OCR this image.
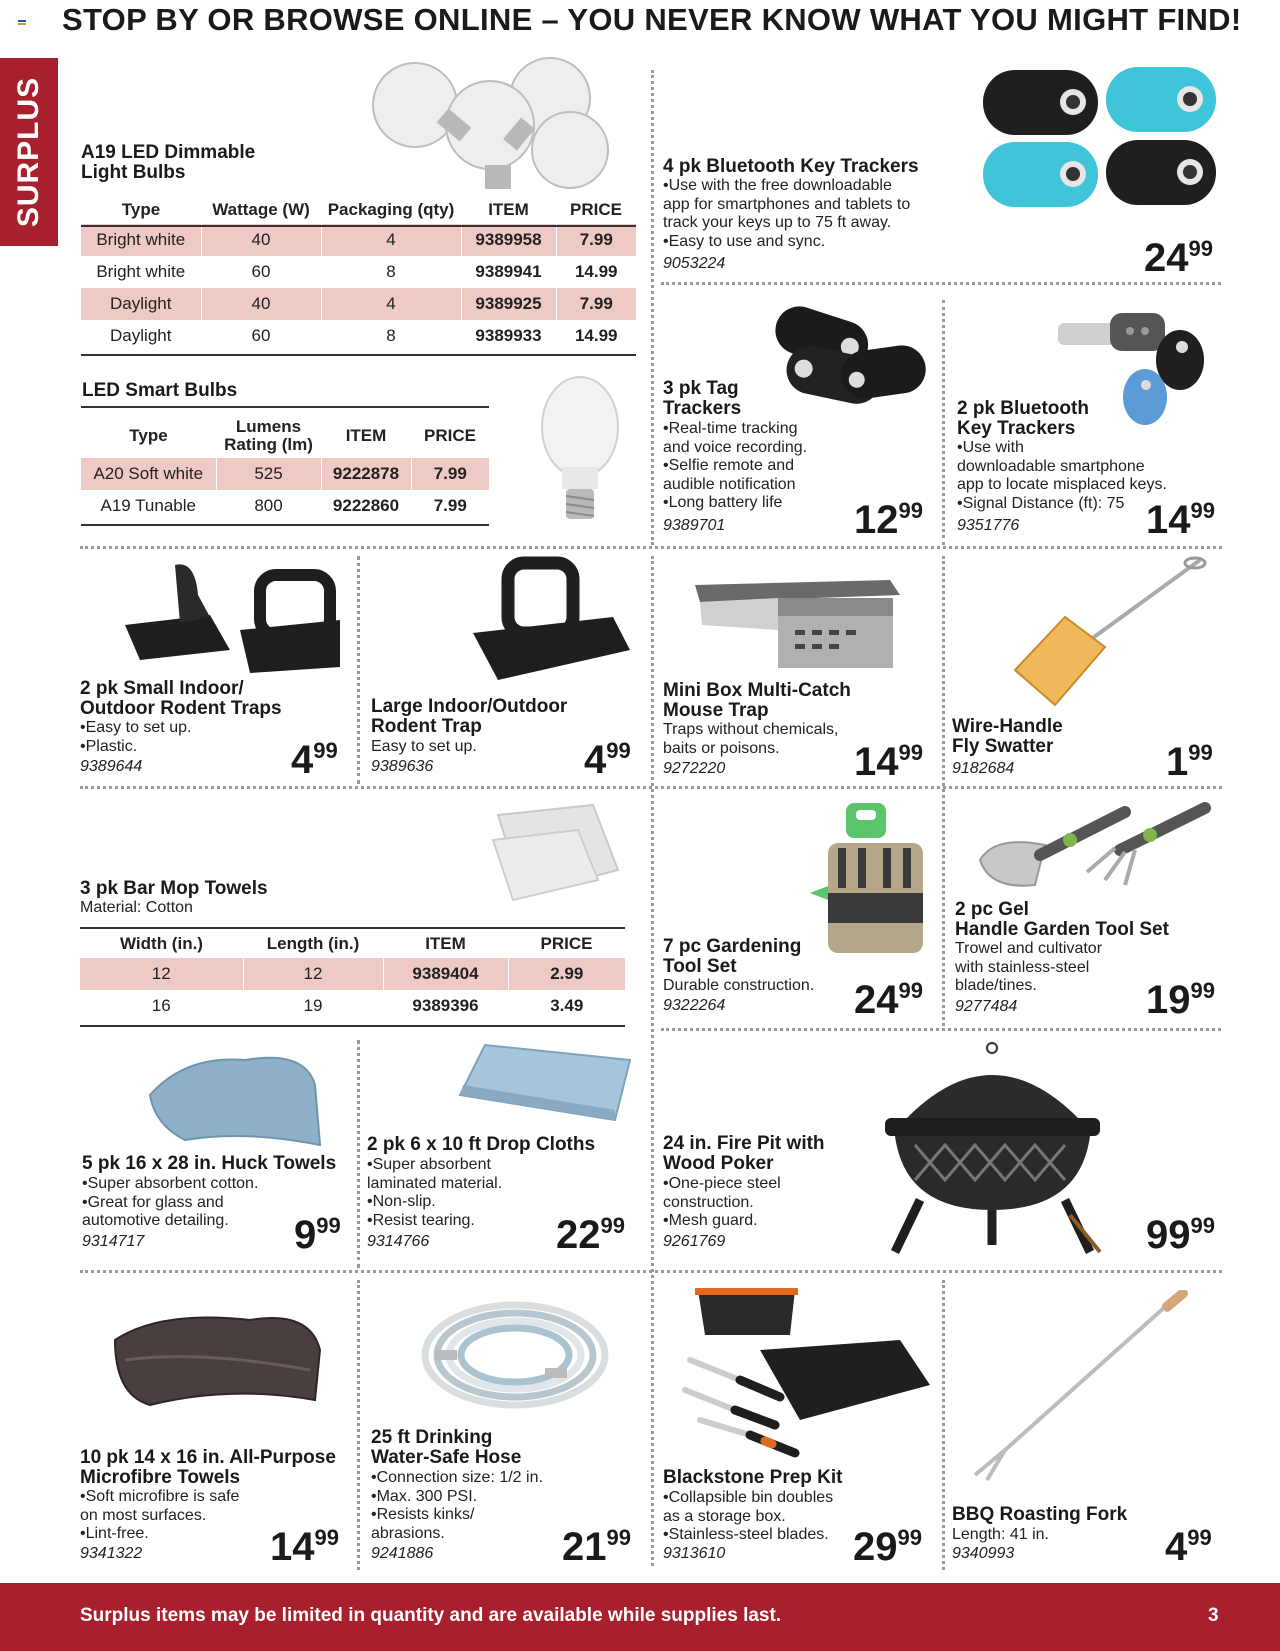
STOP BY OR BROWSE ONLINE – YOU NEVER KNOW WHAT YOU MIGHT FIND!
SURPLUS A19 LED Dimmable
Light Bulbs
Type	Wattage (W)	Packaging (qty)	ITEM	PRICE
Bright white	40	4	9389958	7.99
Bright white	60	8	9389941	14.99
Daylight	40	4	9389925	7.99
Daylight	60	8	9389933	14.99
LED Smart Bulbs
Type	Lumens
Rating (lm)	ITEM	PRICE
A20 Soft white	525	9222878	7.99
A19 Tunable	800	9222860	7.99
4 pk Bluetooth Key Trackers
•Use with the free downloadable
app for smartphones and tablets to
track your keys up to 75 ft away.
•Easy to use and sync.
9053224	2499
3 pk Tag
Trackers
•Real-time tracking
and voice recording.
•Selfie remote and
audible notification
•Long battery life
9389701	1299
2 pk Bluetooth
Key Trackers
•Use with
downloadable smartphone
app to locate misplaced keys.
•Signal Distance (ft): 75
9351776	1499
2 pk Small Indoor/
Outdoor Rodent Traps
•Easy to set up.
•Plastic.
9389644	499
Large Indoor/Outdoor
Rodent Trap
Easy to set up.
9389636	499
Mini Box Multi-Catch
Mouse Trap
Traps without chemicals,
baits or poisons.
9272220	1499
Wire-Handle
Fly Swatter
9182684	199
3 pk Bar Mop Towels
Material: Cotton
Width (in.)	Length (in.)	ITEM	PRICE
12	12	9389404	2.99
16	19	9389396	3.49
7 pc Gardening
Tool Set
Durable construction.
9322264	2499
2 pc Gel
Handle Garden Tool Set
Trowel and cultivator
with stainless-steel
blade/tines.
9277484	1999
5 pk 16 x 28 in. Huck Towels
•Super absorbent cotton.
•Great for glass and
automotive detailing.
9314717	999
2 pk 6 x 10 ft Drop Cloths
•Super absorbent
laminated material.
•Non-slip.
•Resist tearing.
9314766	2299
24 in. Fire Pit with
Wood Poker
•One-piece steel
construction.
•Mesh guard.
9261769	9999
10 pk 14 x 16 in. All-Purpose
Microfibre Towels
•Soft microfibre is safe
on most surfaces.
•Lint-free.
9341322	1499
25 ft Drinking
Water-Safe Hose
•Connection size: 1/2 in.
•Max. 300 PSI.
•Resists kinks/
abrasions.
9241886	2199
Blackstone Prep Kit
•Collapsible bin doubles
as a storage box.
•Stainless-steel blades.
9313610	2999
BBQ Roasting Fork
Length: 41 in.
9340993	499
Surplus items may be limited in quantity and are available while supplies last.	3
